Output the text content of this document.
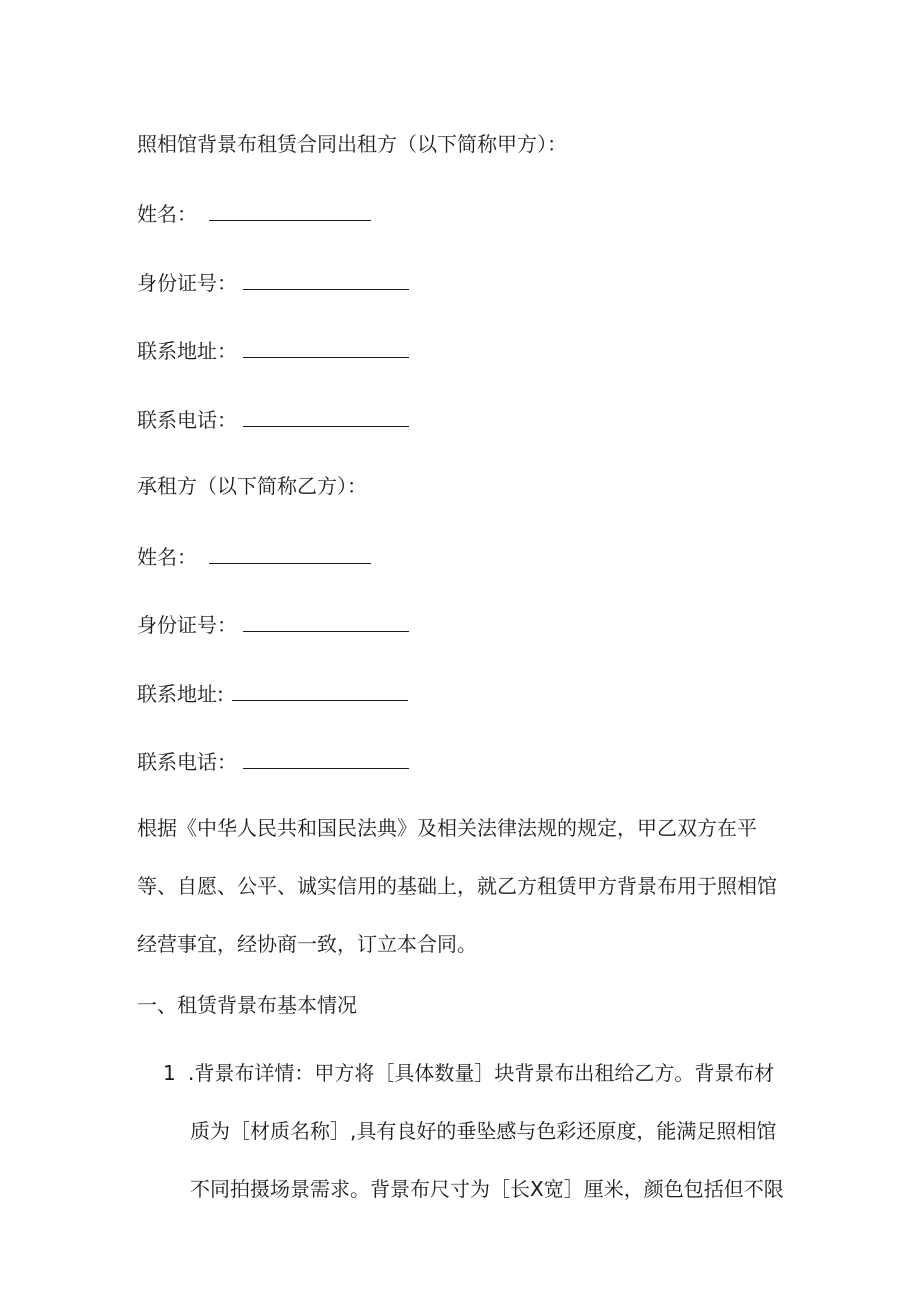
照相馆背景布租赁合同出租方（以下简称甲方）：
姓名：
身份证号：
联系地址：
联系电话：
承租方（以下简称乙方）：
姓名：
身份证号：
联系地址:
联系电话：

根据《中华人民共和国民法典》及相关法律法规的规定，甲乙双方在平

等、自愿、公平、诚实信用的基础上，就乙方租赁甲方背景布用于照相馆

经营事宜，经协商一致，订立本合同。

一、租赁背景布基本情况
1 .背景布详情：甲方将［具体数量］块背景布出租给乙方。背景布材

质为［材质名称］,具有良好的垂坠感与色彩还原度，能满足照相馆

不同拍摄场景需求。背景布尺寸为［长X宽］厘米，颜色包括但不限
